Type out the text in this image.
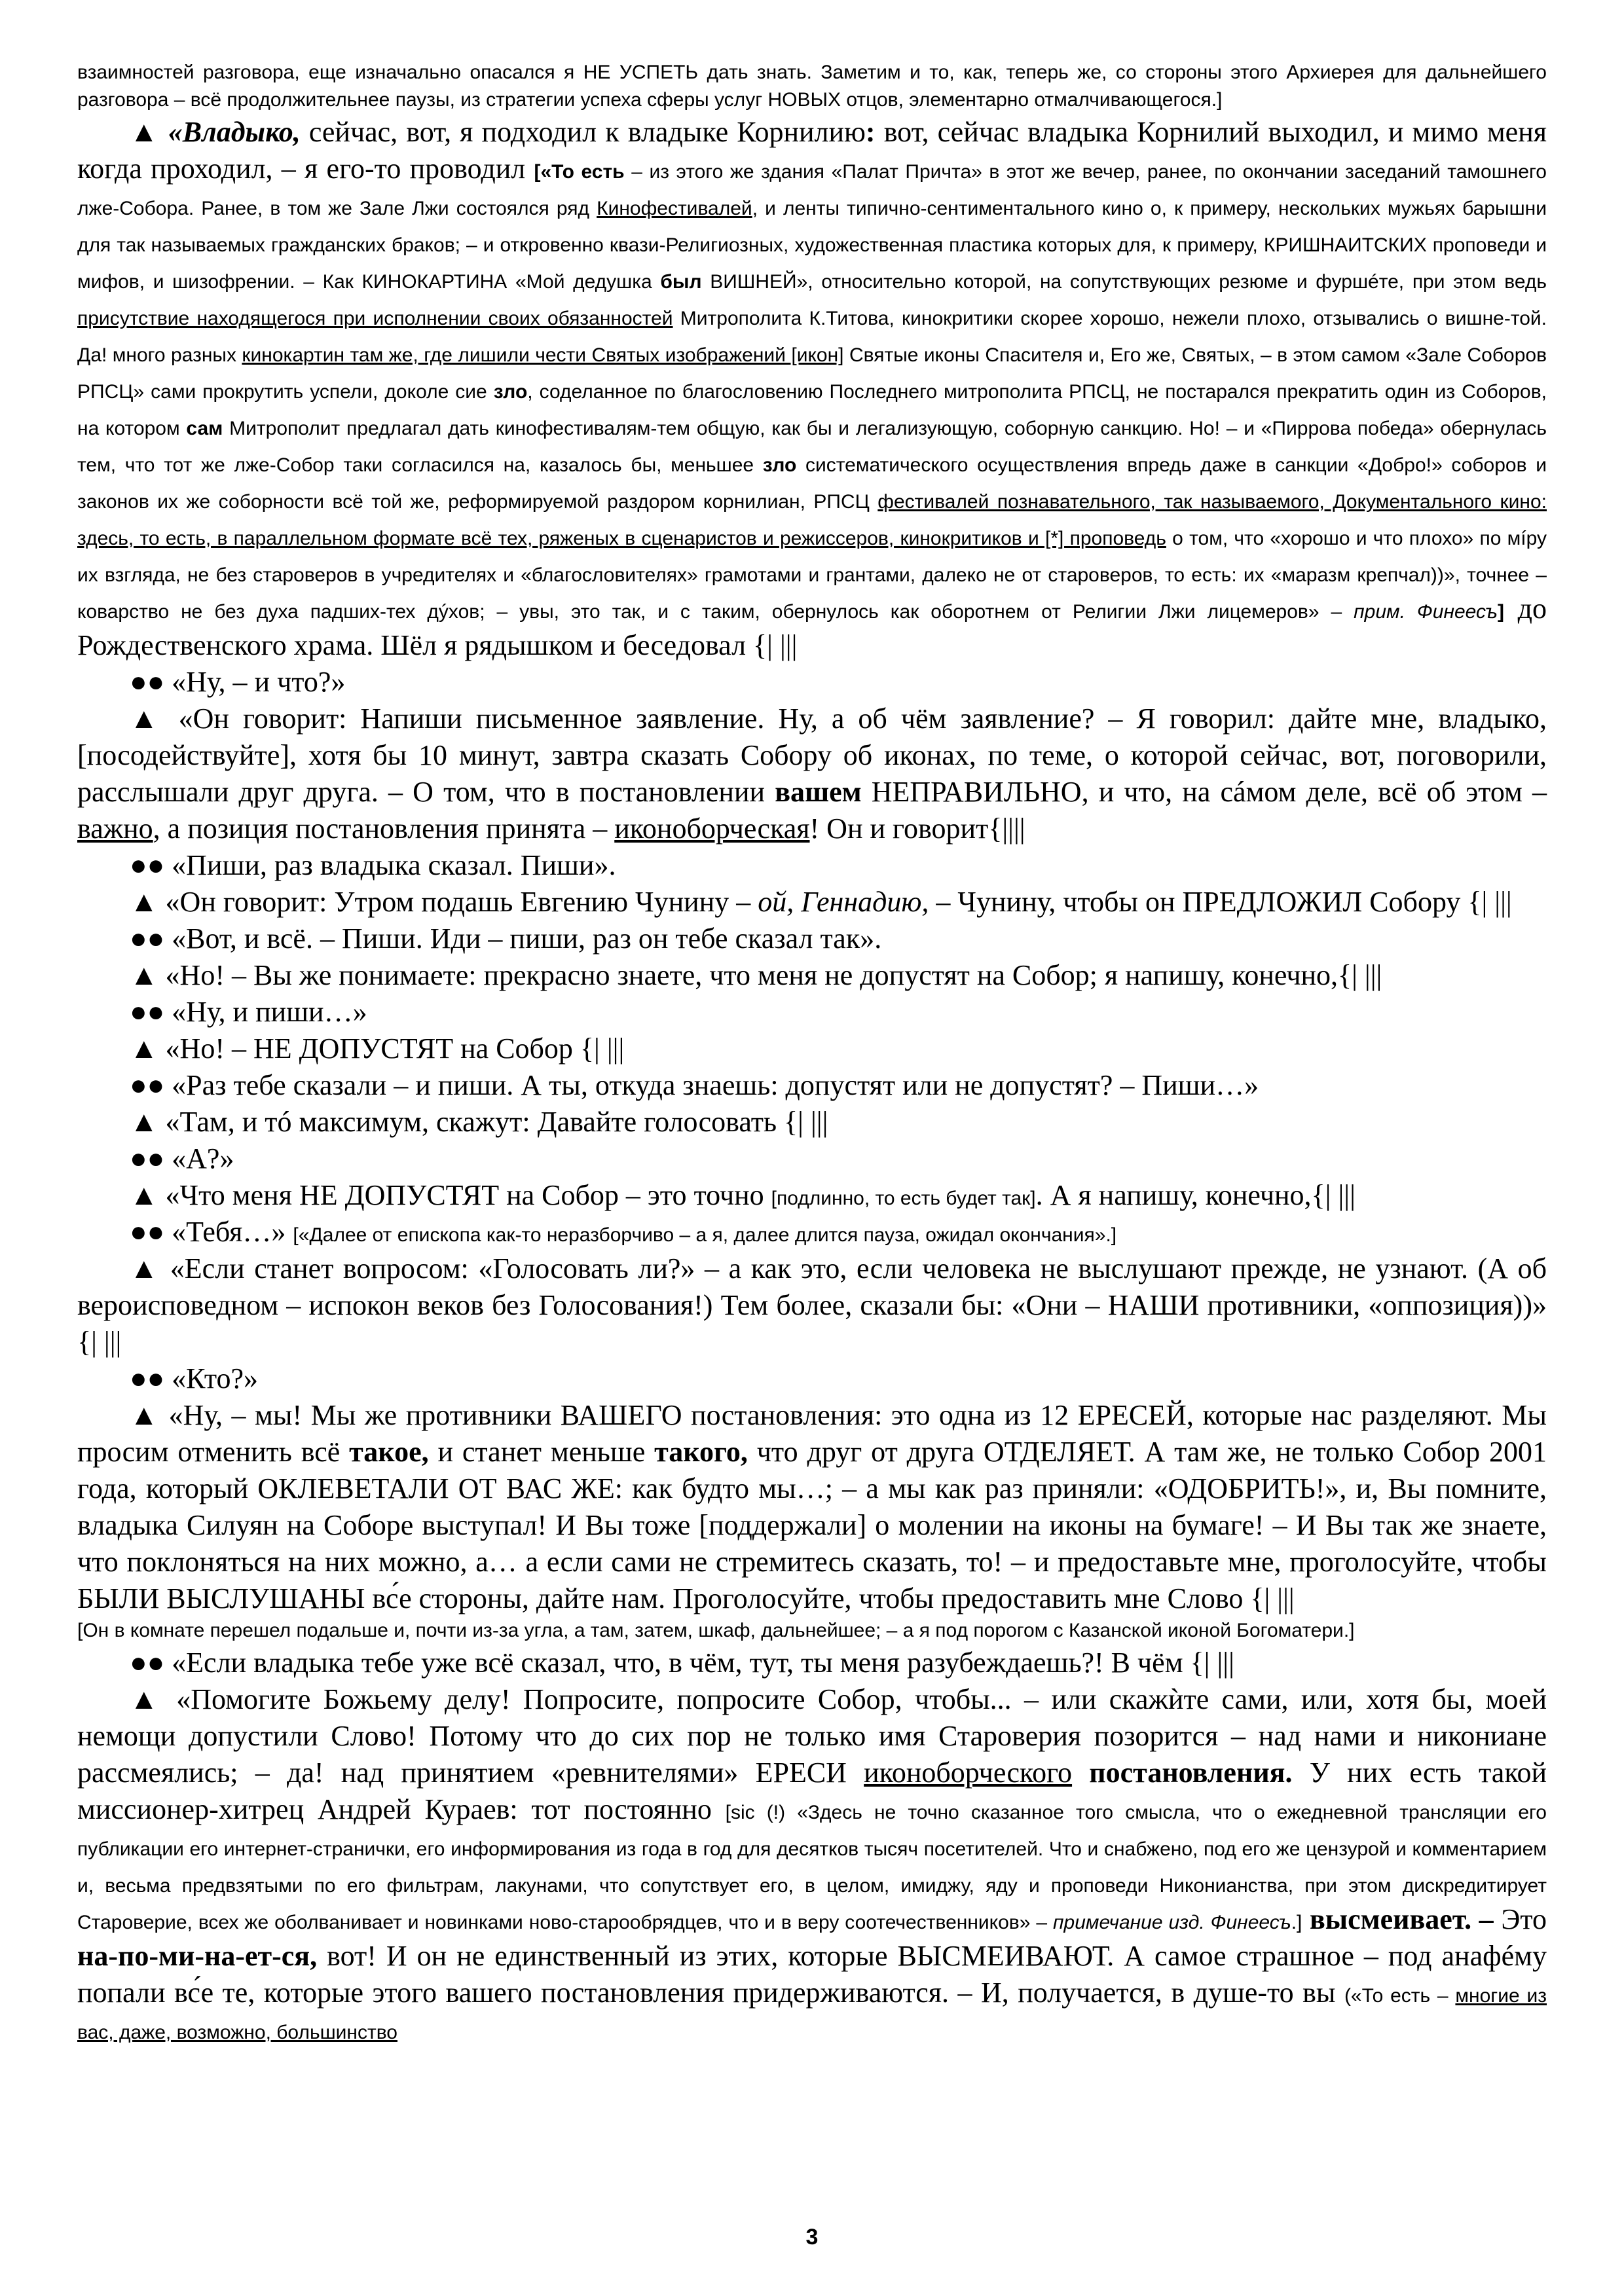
взаимностей разговора, еще изначально опасался я НЕ УСПЕТЬ дать знать. Заметим и то, как, теперь же, со стороны этого Архиерея для дальнейшего разговора – всё продолжительнее паузы, из стратегии успеха сферы услуг НОВЫХ отцов, элементарно отмалчивающегося.]

▲ «Владыко, сейчас, вот, я подходил к владыке Корнилию: вот, сейчас владыка Корнилий выходил, и мимо меня когда проходил, – я его-то проводил [«То есть – из этого же здания «Палат Причта» в этот же вечер, ранее, по окончании заседаний тамошнего лже-Собора. Ранее, в том же Зале Лжи состоялся ряд Кинофестивалей, и ленты типично-сентиментального кино о, к примеру, нескольких мужьях барышни для так называемых гражданских браков; – и откровенно квази-Религиозных, художественная пластика которых для, к примеру, КРИШНАИТСКИХ проповеди и мифов, и шизофрении. – Как КИНОКАРТИНА «Мой дедушка был ВИШНЕЙ», относительно которой, на сопутствующих резюме и фуршéте, при этом ведь присутствие находящегося при исполнении своих обязанностей Митрополита К.Титова, кинокритики скорее хорошо, нежели плохо, отзывались о вишне-той. Да! много разных кинокартин там же, где лишили чести Святых изображений [икон] Святые иконы Спасителя и, Его же, Святых, – в этом самом «Зале Соборов РПСЦ» сами прокрутить успели, доколе сие зло, соделанное по благословению Последнего митрополита РПСЦ, не постарался прекратить один из Соборов, на котором сам Митрополит предлагал дать кинофестивалям-тем общую, как бы и легализующую, соборную санкцию. Но! – и «Пиррова победа» обернулась тем, что тот же лже-Собор таки согласился на, казалось бы, меньшее зло систематического осуществления впредь даже в санкции «Добро!» соборов и законов их же соборности всё той же, реформируемой раздором корнилиан, РПСЦ фестивалей познавательного, так называемого, Документального кино: здесь, то есть, в параллельном формате всё тех, ряженых в сценаристов и режиссеров, кинокритиков и [*] проповедь о том, что «хорошо и что плохо» по мíру их взгляда, не без староверов в учредителях и «благословителях» грамотами и грантами, далеко не от староверов, то есть: их «маразм крепчал))», точнее – коварство не без духа падших-тех дýхов; – увы, это так, и с таким, обернулось как оборотнем от Религии Лжи лицемеров» – прим. Финеесъ] до Рождественского храма. Шёл я рядышком и беседовал {| |||

●● «Ну, – и что?»

▲ «Он говорит: Напиши письменное заявление. Ну, а об чём заявление? – Я говорил: дайте мне, владыко, [посодействуйте], хотя бы 10 минут, завтра сказать Собору об иконах, по теме, о которой сейчас, вот, поговорили, расслышали друг друга. – О том, что в постановлении вашем НЕПРАВИЛЬНО, и что, на сáмом деле, всё об этом – важно, а позиция постановления принята – иконоборческая! Он и говорит{||||

●● «Пиши, раз владыка сказал. Пиши».

▲ «Он говорит: Утром подашь Евгению Чунину – ой, Геннадию, – Чунину, чтобы он ПРЕДЛОЖИЛ Собору {| |||

●● «Вот, и всё. – Пиши. Иди – пиши, раз он тебе сказал так».

▲ «Но! – Вы же понимаете: прекрасно знаете, что меня не допустят на Собор; я напишу, конечно,{| |||

●● «Ну, и пиши…»

▲ «Но! – НЕ ДОПУСТЯТ на Собор {| |||

●● «Раз тебе сказали – и пиши. А ты, откуда знаешь: допустят или не допустят? – Пиши…»

▲ «Там, и тó максимум, скажут: Давайте голосовать {| |||

●● «А?»

▲ «Что меня НЕ ДОПУСТЯТ на Собор – это точно [подлинно, то есть будет так]. А я напишу, конечно,{| |||

●● «Тебя…» [«Далее от епископа как-то неразборчиво – а я, далее длится пауза, ожидал окончания».]

▲ «Если станет вопросом: «Голосовать ли?» – а как это, если человека не выслушают прежде, не узнают. (А об вероисповедном – испокон веков без Голосования!) Тем более, сказали бы: «Они – НАШИ противники, «оппозиция))» {| |||

●● «Кто?»

▲ «Ну, – мы! Мы же противники ВАШЕГО постановления: это одна из 12 ЕРЕСЕЙ, которые нас разделяют. Мы просим отменить всё такое, и станет меньше такого, что друг от друга ОТДЕЛЯЕТ. А там же, не только Собор 2001 года, который ОКЛЕВЕТАЛИ ОТ ВАС ЖЕ: как будто мы…; – а мы как раз приняли: «ОДОБРИТЬ!», и, Вы помните, владыка Силуян на Соборе выступал! И Вы тоже [поддержали] о молении на иконы на бумаге! – И Вы так же знаете, что поклоняться на них можно, а… а если сами не стремитесь сказать, то! – и предоставьте мне, проголосуйте, чтобы БЫЛИ ВЫСЛУШАНЫ вс́е стороны, дайте нам. Проголосуйте, чтобы предоставить мне Слово {| |||

[Он в комнате перешел подальше и, почти из-за угла, а там, затем, шкаф, дальнейшее; – а я под порогом с Казанской иконой Богоматери.]

●● «Если владыка тебе уже всё сказал, что, в чём, тут, ты меня разубеждаешь?! В чём {| |||

▲ «Помогите Божьему делу! Попросите, попросите Собор, чтобы... – или скажѝте сами, или, хотя бы, моей немощи допустили Слово! Потому что до сих пор не только имя Староверия позорится – над нами и никониане рассмеялись; – да! над принятием «ревнителями» ЕРЕСИ иконоборческого постановления. У них есть такой миссионер-хитрец Андрей Кураев: тот постоянно [sic (!) «Здесь не точно сказанное того смысла, что о ежедневной трансляции его публикации его интернет-странички, его информирования из года в год для десятков тысяч посетителей. Что и снабжено, под его же цензурой и комментарием и, весьма предвзятыми по его фильтрам, лакунами, что сопутствует его, в целом, имиджу, яду и проповеди Никонианства, при этом дискредитирует Староверие, всех же оболванивает и новинками ново-старообрядцев, что и в веру соотечественников» – примечание изд. Финеесъ.] высмеивает. – Это на-по-ми-на-ет-ся, вот! И он не единственный из этих, которые ВЫСМЕИВАЮТ. А самое страшное – под анафéму попали вс́е те, которые этого вашего постановления придерживаются. – И, получается, в душе-то вы («То есть – многие из вас, даже, возможно, большинство

3
